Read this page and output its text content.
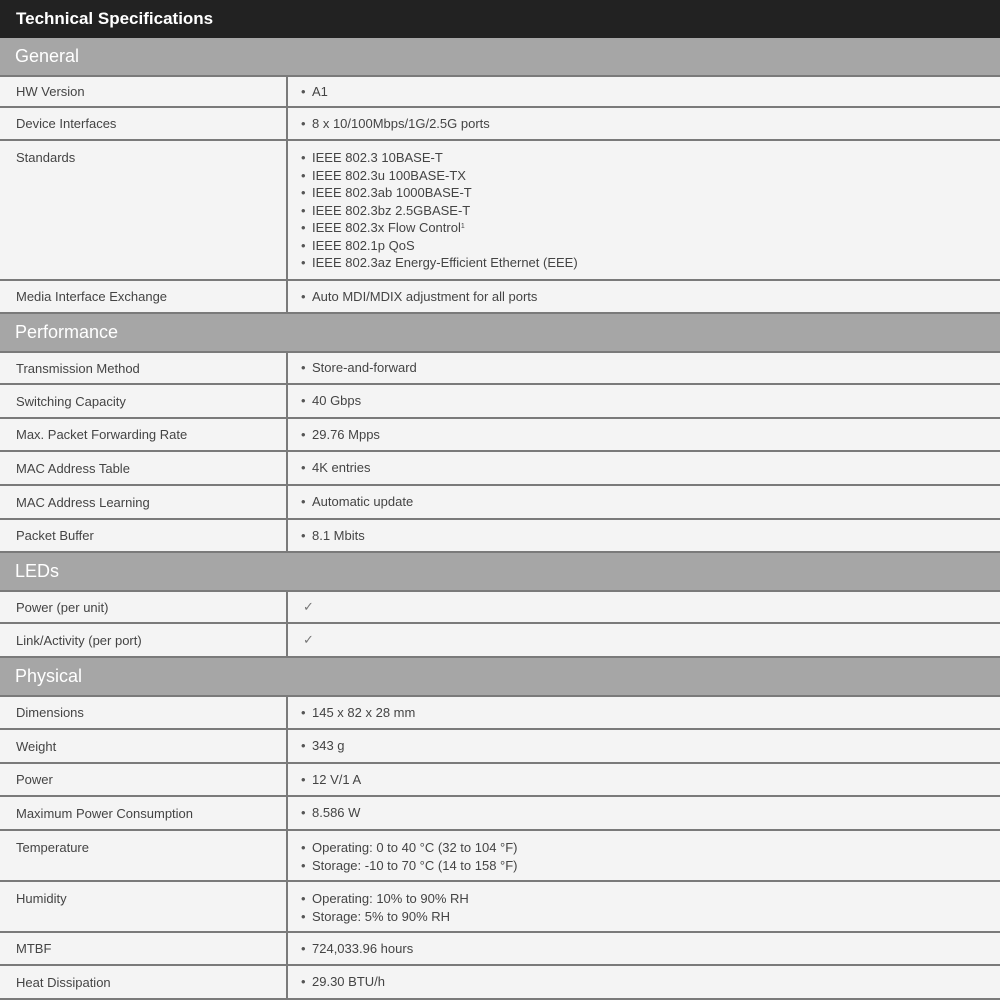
Technical Specifications
General
HW Version	• A1
Device Interfaces	• 8 x 10/100Mbps/1G/2.5G ports
Standards	• IEEE 802.3 10BASE-T
• IEEE 802.3u 100BASE-TX
• IEEE 802.3ab 1000BASE-T
• IEEE 802.3bz 2.5GBASE-T
• IEEE 802.3x Flow Control$^1$
• IEEE 802.1p QoS
• IEEE 802.3az Energy-Efficient Ethernet (EEE)
Media Interface Exchange	• Auto MDI/MDIX adjustment for all ports
Performance
Transmission Method	• Store-and-forward
Switching Capacity	• 40 Gbps
Max. Packet Forwarding Rate	• 29.76 Mpps
MAC Address Table	• 4K entries
MAC Address Learning	• Automatic update
Packet Buffer	• 8.1 Mbits
LEDs
Power (per unit)	✓
Link/Activity (per port)	✓
Physical
Dimensions	• 145 x 82 x 28 mm
Weight	• 343 g
Power	• 12 V/1 A
Maximum Power Consumption	• 8.586 W
Temperature	• Operating: 0 to 40 °C (32 to 104 °F)
• Storage: -10 to 70 °C (14 to 158 °F)
Humidity	• Operating: 10% to 90% RH
• Storage: 5% to 90% RH
MTBF	• 724,033.96 hours
Heat Dissipation	• 29.30 BTU/h
